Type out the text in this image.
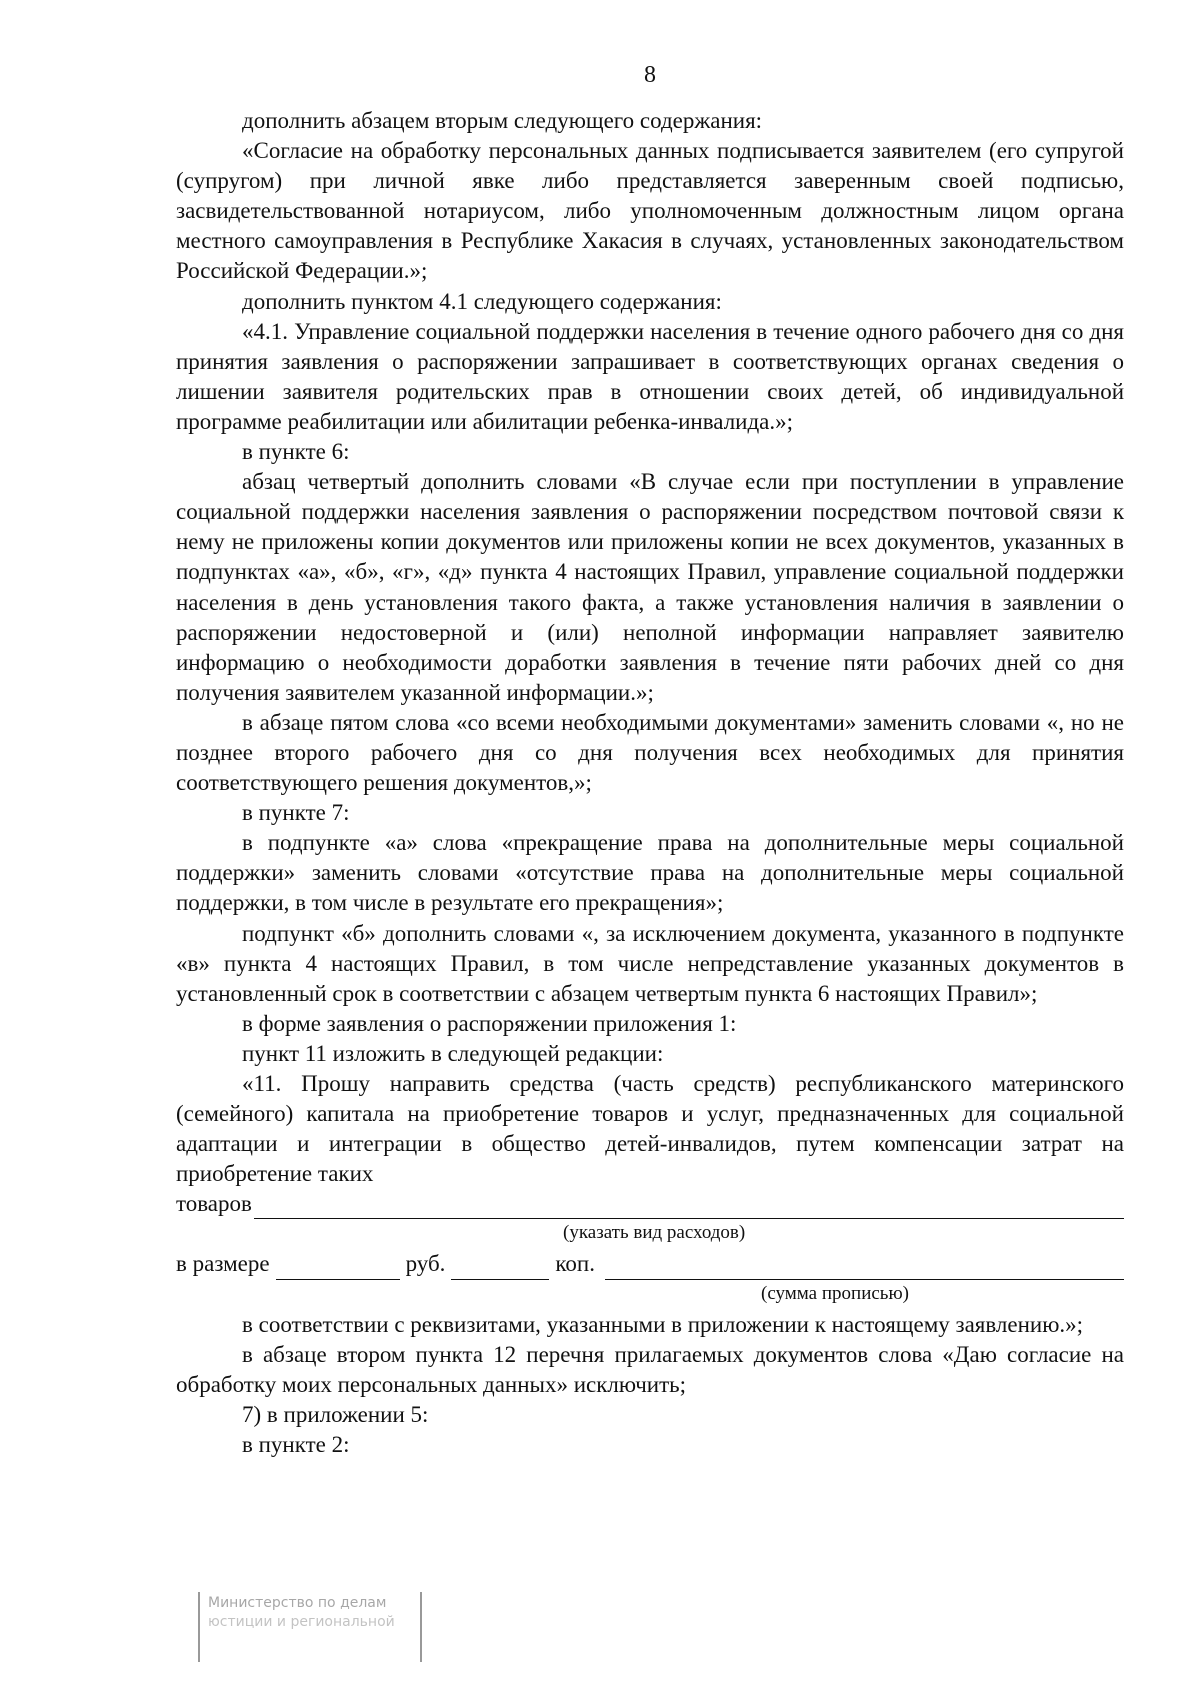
8

дополнить абзацем вторым следующего содержания:

«Согласие на обработку персональных данных подписывается заявителем (его супругой (супругом) при личной явке либо представляется заверенным своей подписью, засвидетельствованной нотариусом, либо уполномоченным должностным лицом органа местного самоуправления в Республике Хакасия в случаях, установленных законодательством Российской Федерации.»;

дополнить пунктом 4.1 следующего содержания:

«4.1. Управление социальной поддержки населения в течение одного рабочего дня со дня принятия заявления о распоряжении запрашивает в соответствующих органах сведения о лишении заявителя родительских прав в отношении своих детей, об индивидуальной программе реабилитации или абилитации ребенка-инвалида.»;

в пункте 6:

абзац четвертый дополнить словами «В случае если при поступлении в управление социальной поддержки населения заявления о распоряжении посредством почтовой связи к нему не приложены копии документов или приложены копии не всех документов, указанных в подпунктах «а», «б», «г», «д» пункта 4 настоящих Правил, управление социальной поддержки населения в день установления такого факта, а также установления наличия в заявлении о распоряжении недостоверной и (или) неполной информации направляет заявителю информацию о необходимости доработки заявления в течение пяти рабочих дней со дня получения заявителем указанной информации.»;

в абзаце пятом слова «со всеми необходимыми документами» заменить словами «, но не позднее второго рабочего дня со дня получения всех необходимых для принятия соответствующего решения документов,»;

в пункте 7:

в подпункте «а» слова «прекращение права на дополнительные меры социальной поддержки» заменить словами «отсутствие права на дополнительные меры социальной поддержки, в том числе в результате его прекращения»;

подпункт «б» дополнить словами «, за исключением документа, указанного в подпункте «в» пункта 4 настоящих Правил, в том числе непредставление указанных документов в установленный срок в соответствии с абзацем четвертым пункта 6 настоящих Правил»;

в форме заявления о распоряжении приложения 1:

пункт 11 изложить в следующей редакции:

«11. Прошу направить средства (часть средств) республиканского материнского (семейного) капитала на приобретение товаров и услуг, предназначенных для социальной адаптации и интеграции в общество детей-инвалидов, путем компенсации затрат на приобретение таких

товаров
(указать вид расходов)
в размере	руб.	коп.
(сумма прописью)

в соответствии с реквизитами, указанными в приложении к настоящему заявлению.»;

в абзаце втором пункта 12 перечня прилагаемых документов слова «Даю согласие на обработку моих персональных данных» исключить;

7) в приложении 5:

в пункте 2:

Министерство по делам
юстиции и региональной
